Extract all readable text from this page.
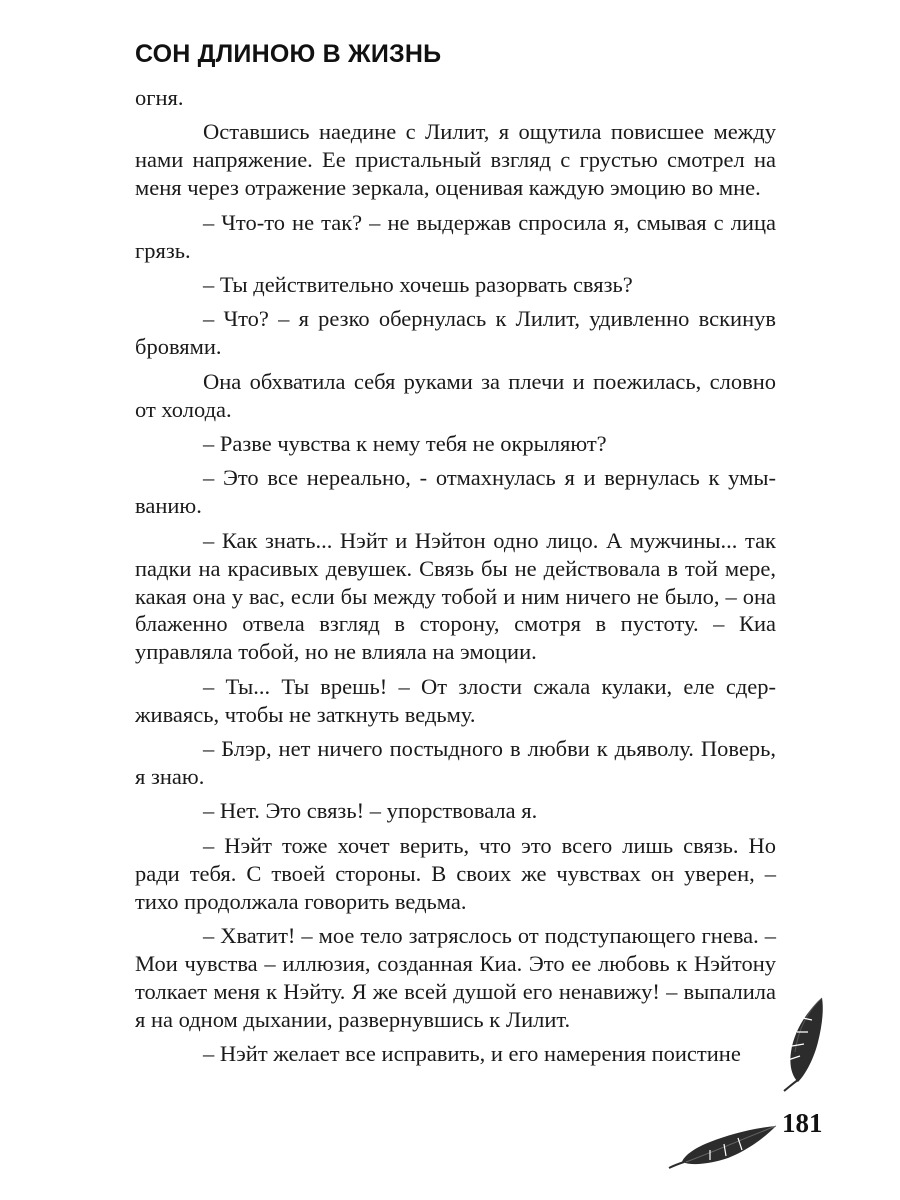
СОН ДЛИНОЮ В ЖИЗНЬ

огня.

Оставшись наедине с Лилит, я ощутила повисшее между нами напряжение. Ее пристальный взгляд с грустью смотрел на меня через отражение зеркала, оценивая каждую эмоцию во мне.

– Что-то не так? – не выдержав спросила я, смывая с лица грязь.

– Ты действительно хочешь разорвать связь?

– Что? – я резко обернулась к Лилит, удивленно вскинув бровями.

Она обхватила себя руками за плечи и поежилась, словно от холода.

– Разве чувства к нему тебя не окрыляют?

– Это все нереально, - отмахнулась я и вернулась к умыванию.

– Как знать... Нэйт и Нэйтон одно лицо. А мужчины... так падки на красивых девушек. Связь бы не действовала в той мере, какая она у вас, если бы между тобой и ним ничего не было, – она блаженно отвела взгляд в сторону, смотря в пустоту. – Киа управляла тобой, но не влияла на эмоции.

– Ты... Ты врешь! – От злости сжала кулаки, еле сдерживаясь, чтобы не заткнуть ведьму.

– Блэр, нет ничего постыдного в любви к дьяволу. Поверь, я знаю.

– Нет. Это связь! – упорствовала я.

– Нэйт тоже хочет верить, что это всего лишь связь. Но ради тебя. С твоей стороны. В своих же чувствах он уверен, – тихо продолжала говорить ведьма.

– Хватит! – мое тело затряслось от подступающего гнева. – Мои чувства – иллюзия, созданная Киа. Это ее любовь к Нэйтону толкает меня к Нэйту. Я же всей душой его ненавижу! – выпалила я на одном дыхании, развернувшись к Лилит.

– Нэйт желает все исправить, и его намерения поистине

181
